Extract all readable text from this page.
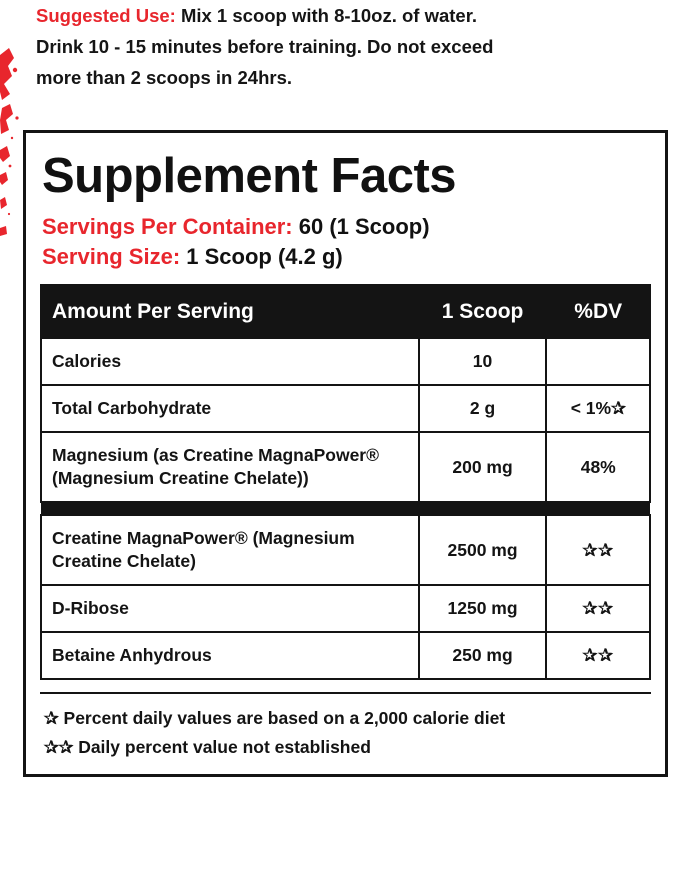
Suggested Use: Mix 1 scoop with 8-10oz. of water.

Drink 10 - 15 minutes before training. Do not exceed

more than 2 scoops in 24hrs.

Supplement Facts
Servings Per Container: 60 (1 Scoop)
Serving Size: 1 Scoop (4.2 g)
Amount Per Serving	1 Scoop	%DV
Calories	10	
Total Carbohydrate	2 g	< 1%✰
Magnesium (as Creatine MagnaPower® (Magnesium Creatine Chelate))	200 mg	48%

Creatine MagnaPower® (Magnesium Creatine Chelate)	2500 mg	✰✰
D-Ribose	1250 mg	✰✰
Betaine Anhydrous	250 mg	✰✰
✰ Percent daily values are based on a 2,000 calorie diet
✰✰ Daily percent value not established
